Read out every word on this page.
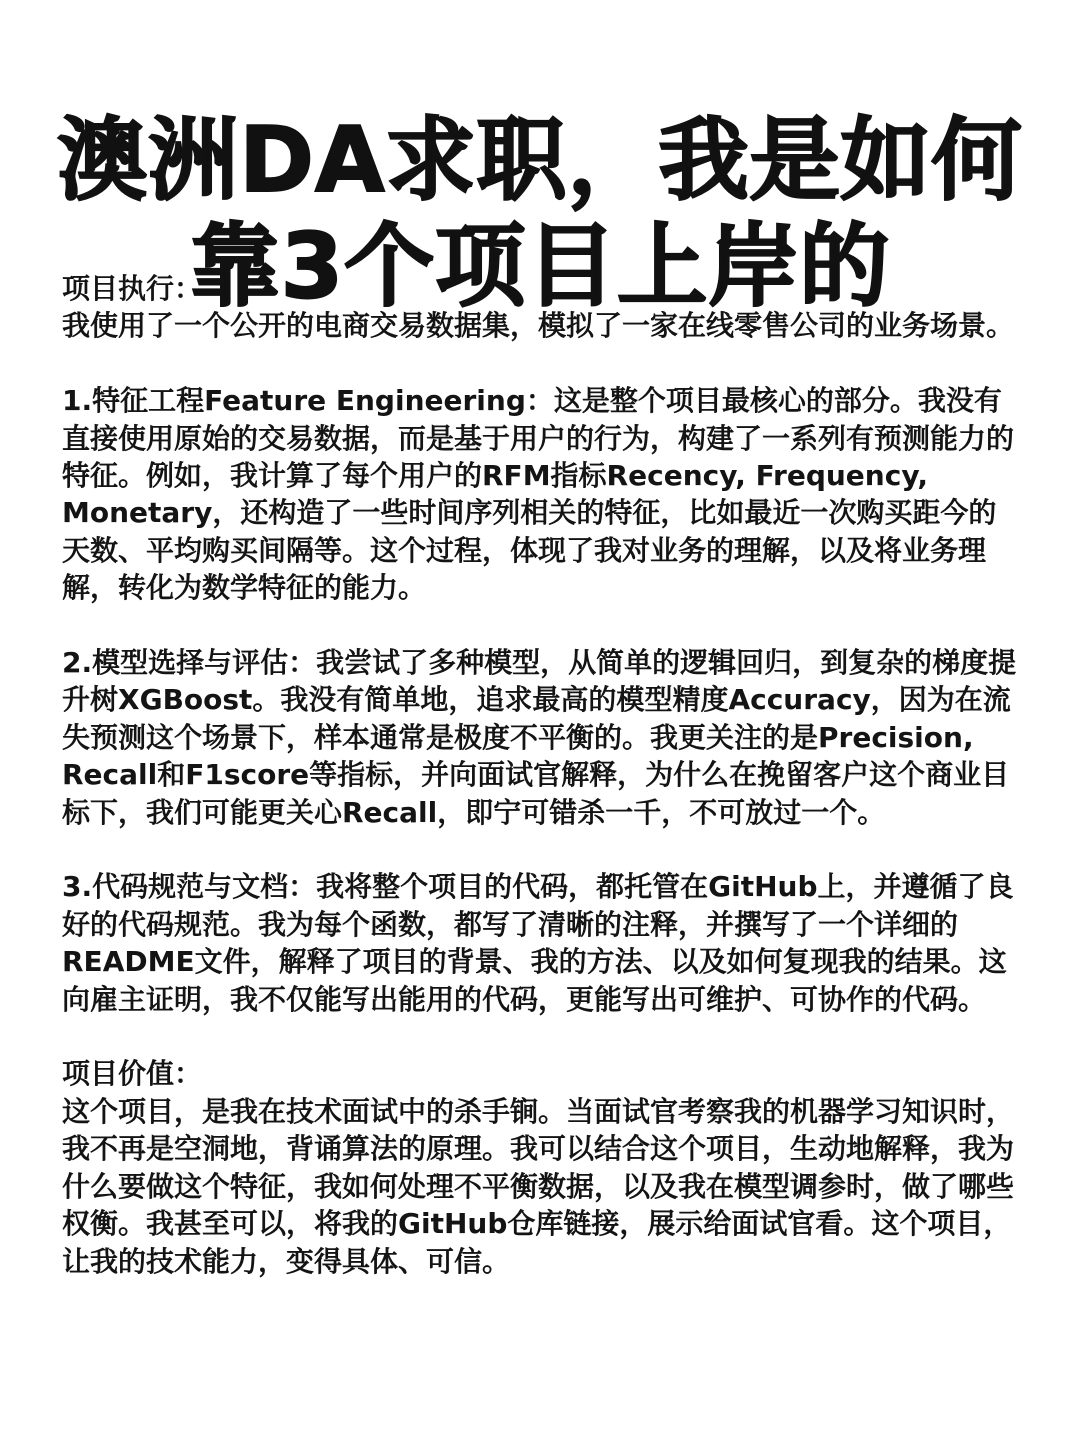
澳洲DA求职，我是如何
靠3个项目上岸的

项目执行：

我使用了一个公开的电商交易数据集，模拟了一家在线零售公司的业务场景。

1.特征工程Feature Engineering：这是整个项目最核心的部分。我没有直接使用原始的交易数据，而是基于用户的行为，构建了一系列有预测能力的特征。例如，我计算了每个用户的RFM指标Recency, Frequency, Monetary，还构造了一些时间序列相关的特征，比如最近一次购买距今的天数、平均购买间隔等。这个过程，体现了我对业务的理解，以及将业务理解，转化为数学特征的能力。

2.模型选择与评估：我尝试了多种模型，从简单的逻辑回归，到复杂的梯度提升树XGBoost。我没有简单地，追求最高的模型精度Accuracy，因为在流失预测这个场景下，样本通常是极度不平衡的。我更关注的是Precision, Recall和F1score等指标，并向面试官解释，为什么在挽留客户这个商业目标下，我们可能更关心Recall，即宁可错杀一千，不可放过一个。

3.代码规范与文档：我将整个项目的代码，都托管在GitHub上，并遵循了良好的代码规范。我为每个函数，都写了清晰的注释，并撰写了一个详细的README文件，解释了项目的背景、我的方法、以及如何复现我的结果。这向雇主证明，我不仅能写出能用的代码，更能写出可维护、可协作的代码。

项目价值：

这个项目，是我在技术面试中的杀手锏。当面试官考察我的机器学习知识时，我不再是空洞地，背诵算法的原理。我可以结合这个项目，生动地解释，我为什么要做这个特征，我如何处理不平衡数据，以及我在模型调参时，做了哪些权衡。我甚至可以，将我的GitHub仓库链接，展示给面试官看。这个项目，让我的技术能力，变得具体、可信。
